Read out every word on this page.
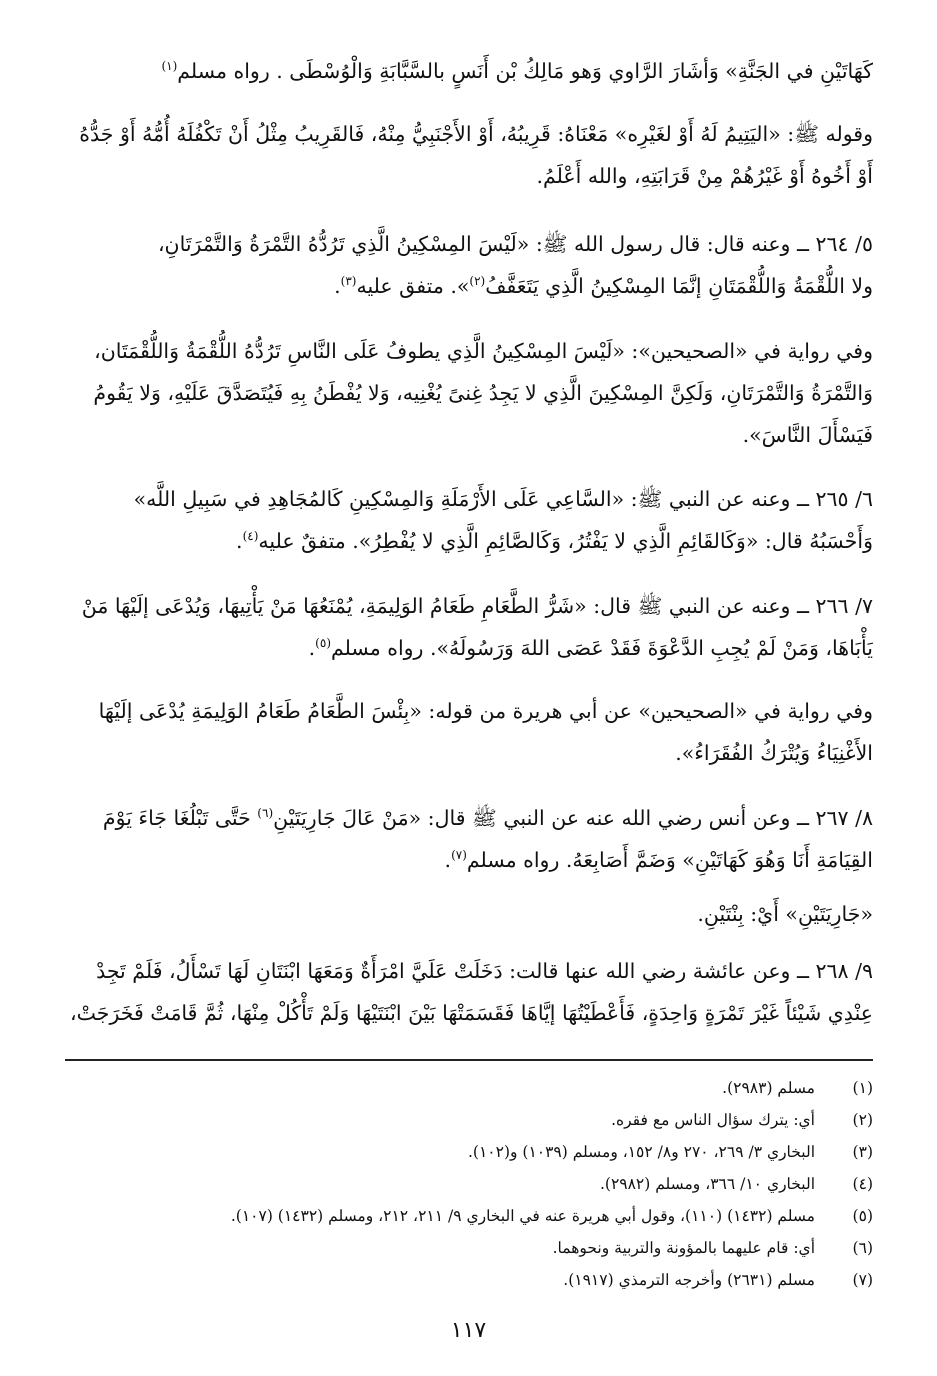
كَهَاتَيْنِ في الجَنَّةِ» وَأشَارَ الرَّاوي وَهو مَالِكُ بْن أَنَسٍ بالسَّبَّابَةِ وَالْوُسْطَى . رواه مسلم$^{(١)}$
وقوله ﷺ: «اليَتِيمُ لَهُ أَوْ لغَيْرِه» مَعْنَاهُ: قَرِيبُهُ، أَوْ الأَجْنَبِيُّ مِنْهُ، فَالقَرِيبُ مِثْلُ أَنْ تَكْفُلَهُ أُمُّهُ أَوْ جَدُّهُ
أَوْ أَخُوهُ أَوْ غَيْرُهُمْ مِنْ قَرَابَتِهِ، والله أَعْلَمُ.
٥/ ٢٦٤ ــ وعنه قال: قال رسول الله ﷺ: «لَيْسَ المِسْكِينُ الَّذِي تَرُدُّهُ التَّمْرَةُ وَالتَّمْرَتَانِ،
ولا اللُّقْمَةُ وَاللُّقْمَتَانِ إنَّمَا المِسْكِينُ الَّذِي يَتَعَفَّفُ$^{(٢)}$». متفق عليه$^{(٣)}$.
وفي رواية في «الصحيحين»: «لَيْسَ المِسْكِينُ الَّذِي يطوفُ عَلَى النَّاسِ تَرُدُّهُ اللُّقْمَةُ وَاللُّقْمَتَان،
وَالتَّمْرَةُ وَالتَّمْرَتَانِ، وَلَكِنَّ المِسْكِينَ الَّذِي لا يَجِدُ غِنىً يُغْنِيه، وَلا يُفْطَنُ بِهِ فَيُتَصَدَّقَ عَلَيْهِ، وَلا يَقُومُ
فَيَسْأَلَ النَّاسَ».
٦/ ٢٦٥ ــ وعنه عن النبي ﷺ: «السَّاعِي عَلَى الأَرْمَلَةِ وَالمِسْكِينِ كَالمُجَاهِدِ في سَبِيلِ اللَّه»
وَأَحْسَبُهُ قال: «وَكَالقَائِمِ الَّذِي لا يَفْتُرُ، وَكَالصَّائِمِ الَّذِي لا يُفْطِرُ». متفقٌ عليه$^{(٤)}$.
٧/ ٢٦٦ ــ وعنه عن النبي ﷺ قال: «شَرُّ الطَّعَامِ طَعَامُ الوَلِيمَةِ، يُمْنَعُهَا مَنْ يَأْتِيهَا، وَيُدْعَى إلَيْهَا مَنْ
يَأْبَاهَا، وَمَنْ لَمْ يُجِبِ الدَّعْوَةَ فَقَدْ عَصَى اللهَ وَرَسُولَهُ». رواه مسلم$^{(٥)}$.
وفي رواية في «الصحيحين» عن أبي هريرة من قوله: «بِئْسَ الطَّعَامُ طَعَامُ الوَلِيمَةِ يُدْعَى إلَيْهَا
الأَغْنِيَاءُ وَيُتْرَكُ الفُقَرَاءُ».
٨/ ٢٦٧ ــ وعن أنس رضي الله عنه عن النبي ﷺ قال: «مَنْ عَالَ جَارِيَتَيْنِ$^{(٦)}$ حَتَّى تَبْلُغَا جَاءَ يَوْمَ
القِيَامَةِ أَنَا وَهُوَ كَهَاتَيْنِ» وَضَمَّ أَصَابِعَهُ. رواه مسلم$^{(٧)}$.
«جَارِيَتَيْنِ» أَيْ: بِنْتَيْنِ.
٩/ ٢٦٨ ــ وعن عائشة رضي الله عنها قالت: دَخَلَتْ عَلَيَّ امْرَأَةٌ وَمَعَهَا ابْنَتَانِ لَهَا تَسْأَلُ، فَلَمْ تَجِدْ
عِنْدِي شَيْئاً غَيْرَ تَمْرَةٍ وَاحِدَةٍ، فَأَعْطَيْتُهَا إيَّاهَا فَقَسَمَتْهَا بَيْنَ ابْنَتَيْهَا وَلَمْ تَأْكُلْ مِنْهَا، ثُمَّ قَامَتْ فَخَرَجَتْ،
(١)مسلم (٢٩٨٣).
(٢)أي: يترك سؤال الناس مع فقره.
(٣)البخاري ٣/ ٢٦٩، ٢٧٠ و٨/ ١٥٢، ومسلم (١٠٣٩) و(١٠٢).
(٤)البخاري ١٠/ ٣٦٦، ومسلم (٢٩٨٢).
(٥)مسلم (١٤٣٢) (١١٠)، وقول أبي هريرة عنه في البخاري ٩/ ٢١١، ٢١٢، ومسلم (١٤٣٢) (١٠٧).
(٦)أي: قام عليهما بالمؤونة والتربية ونحوهما.
(٧)مسلم (٢٦٣١) وأخرجه الترمذي (١٩١٧).
١١٧
